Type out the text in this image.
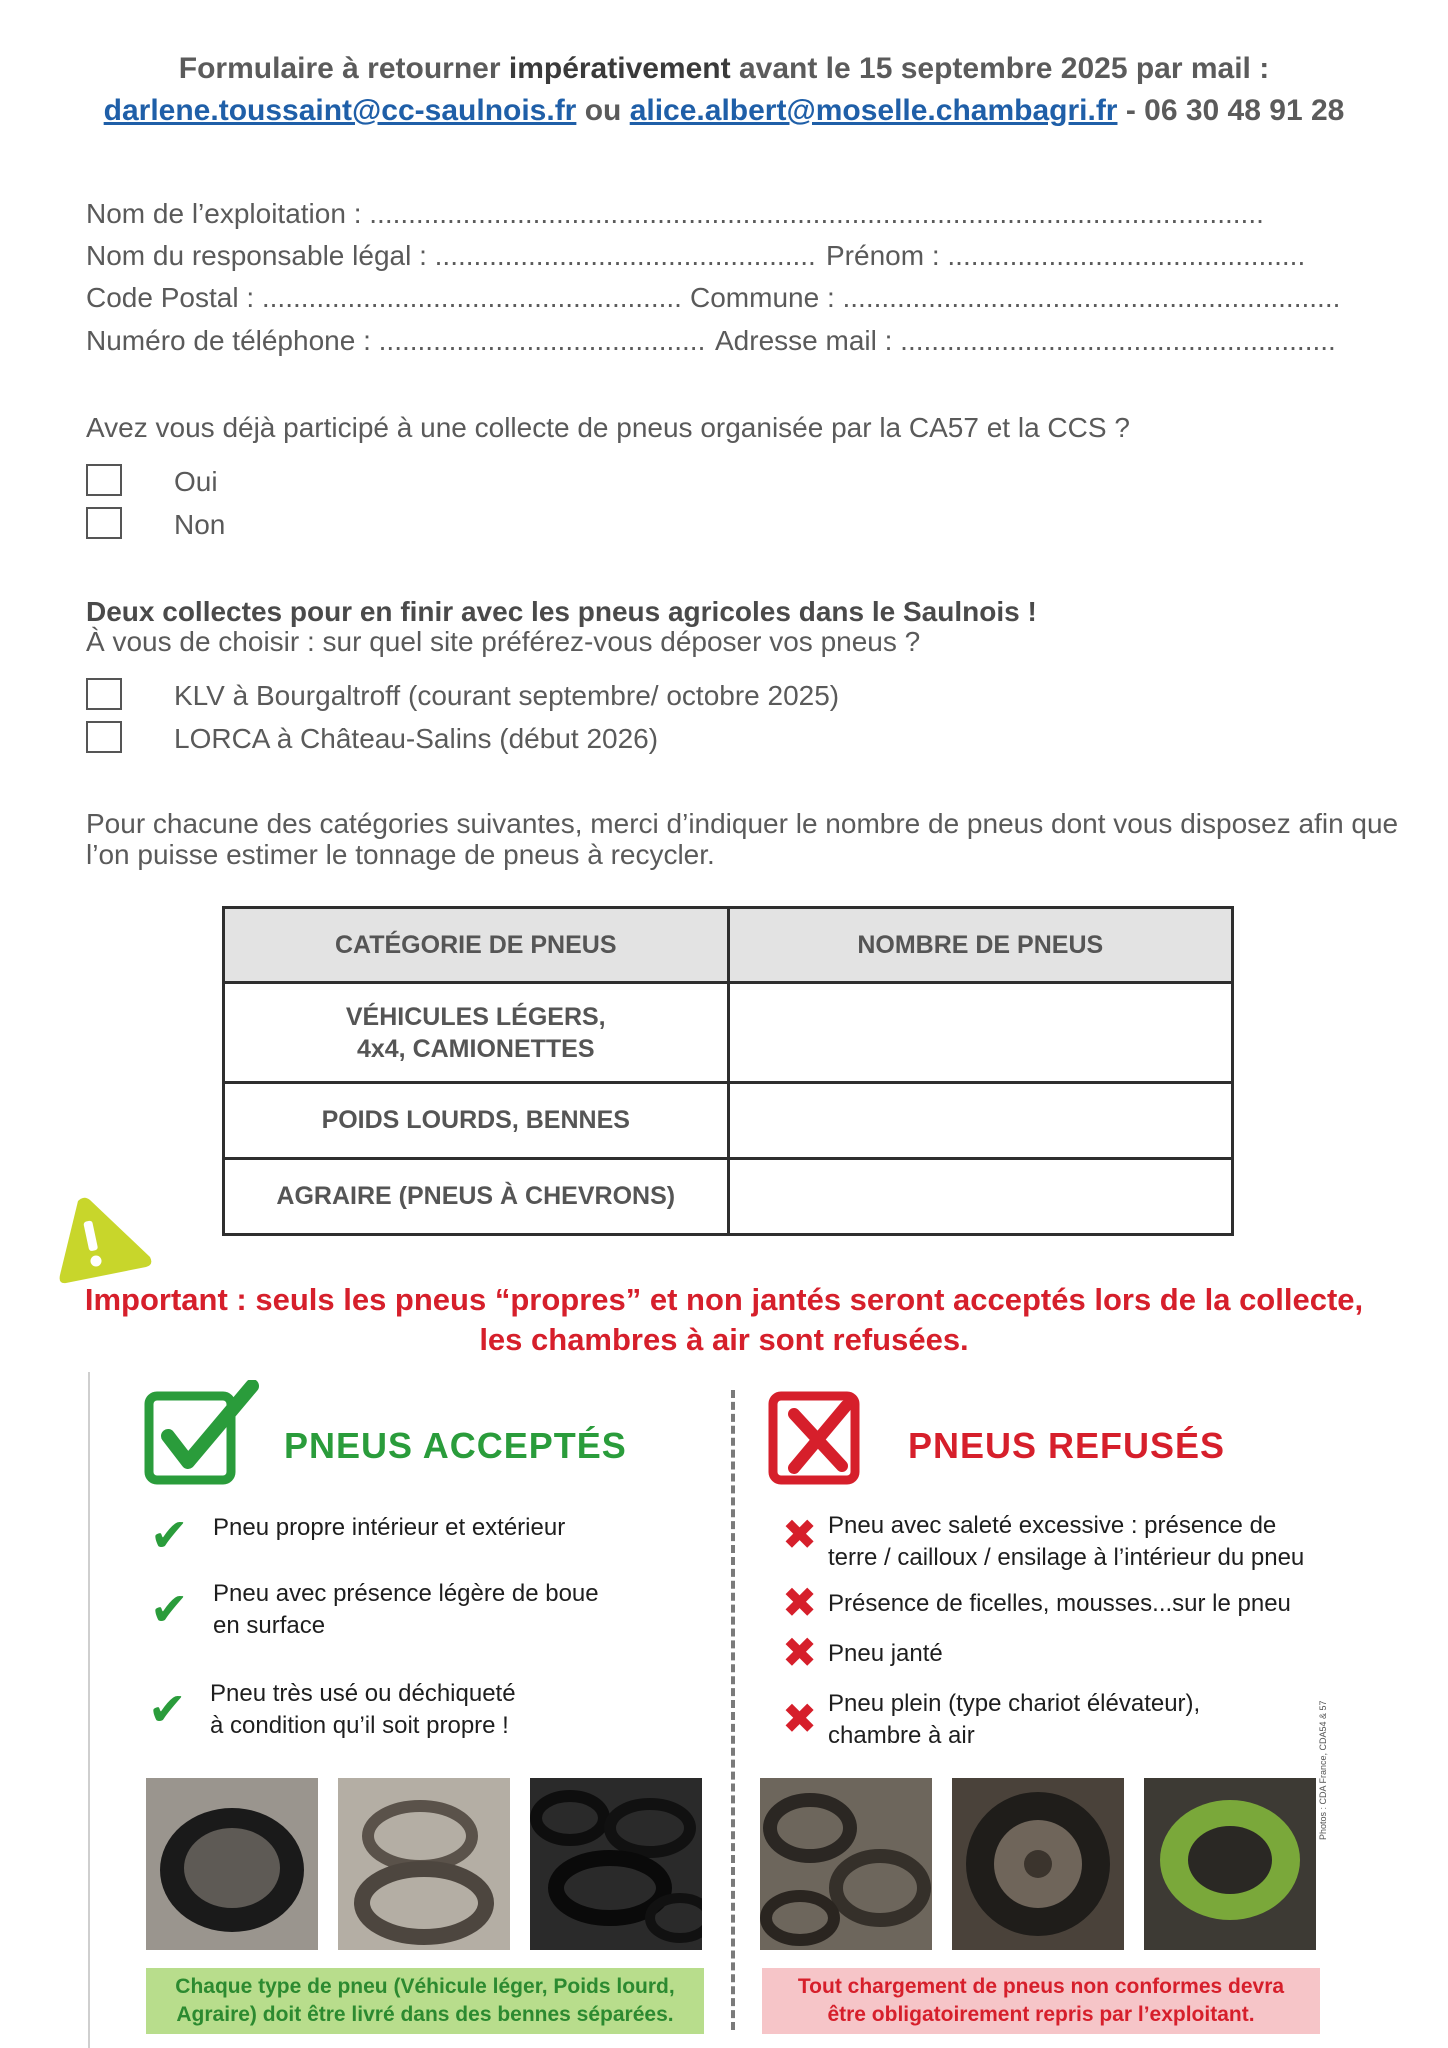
Formulaire à retourner impérativement avant le 15 septembre 2025 par mail :
darlene.toussaint@cc-saulnois.fr ou alice.albert@moselle.chambagri.fr - 06 30 48 91 28
Nom de l’exploitation : ...................................................................................................................
Nom du responsable légal : ................................................. Prénom : ..............................................
Code Postal : ...................................................... Commune : ................................................................
Numéro de téléphone : .......................................... Adresse mail : ........................................................
Avez vous déjà participé à une collecte de pneus organisée par la CA57 et la CCS ?
Oui
Non
Deux collectes pour en finir avec les pneus agricoles dans le Saulnois !
À vous de choisir : sur quel site préférez-vous déposer vos pneus ?
KLV à Bourgaltroff (courant septembre/ octobre 2025)
LORCA à Château-Salins (début 2026)
Pour chacune des catégories suivantes, merci d’indiquer le nombre de pneus dont vous disposez afin que
l’on puisse estimer le tonnage de pneus à recycler.
CATÉGORIE DE PNEUS	NOMBRE DE PNEUS

VÉHICULES LÉGERS,
4x4, CAMIONETTES	

POIDS LOURDS, BENNES	
AGRAIRE (PNEUS À CHEVRONS)	
Important : seuls les pneus “propres” et non jantés seront acceptés lors de la collecte,
les chambres à air sont refusées.
PNEUS ACCEPTÉS
✔ Pneu propre intérieur et extérieur
✔ Pneu avec présence légère de boue
en surface
✔ Pneu très usé ou déchiqueté
à condition qu’il soit propre !
Chaque type de pneu (Véhicule léger, Poids lourd,
Agraire) doit être livré dans des bennes séparées.
PNEUS REFUSÉS
✖ Pneu avec saleté excessive : présence de
terre / cailloux / ensilage à l’intérieur du pneu
✖ Présence de ficelles, mousses...sur le pneu
✖ Pneu janté
✖ Pneu plein (type chariot élévateur),
chambre à air	Photos : CDA France, CDA54 & 57
Tout chargement de pneus non conformes devra
être obligatoirement repris par l’exploitant.
